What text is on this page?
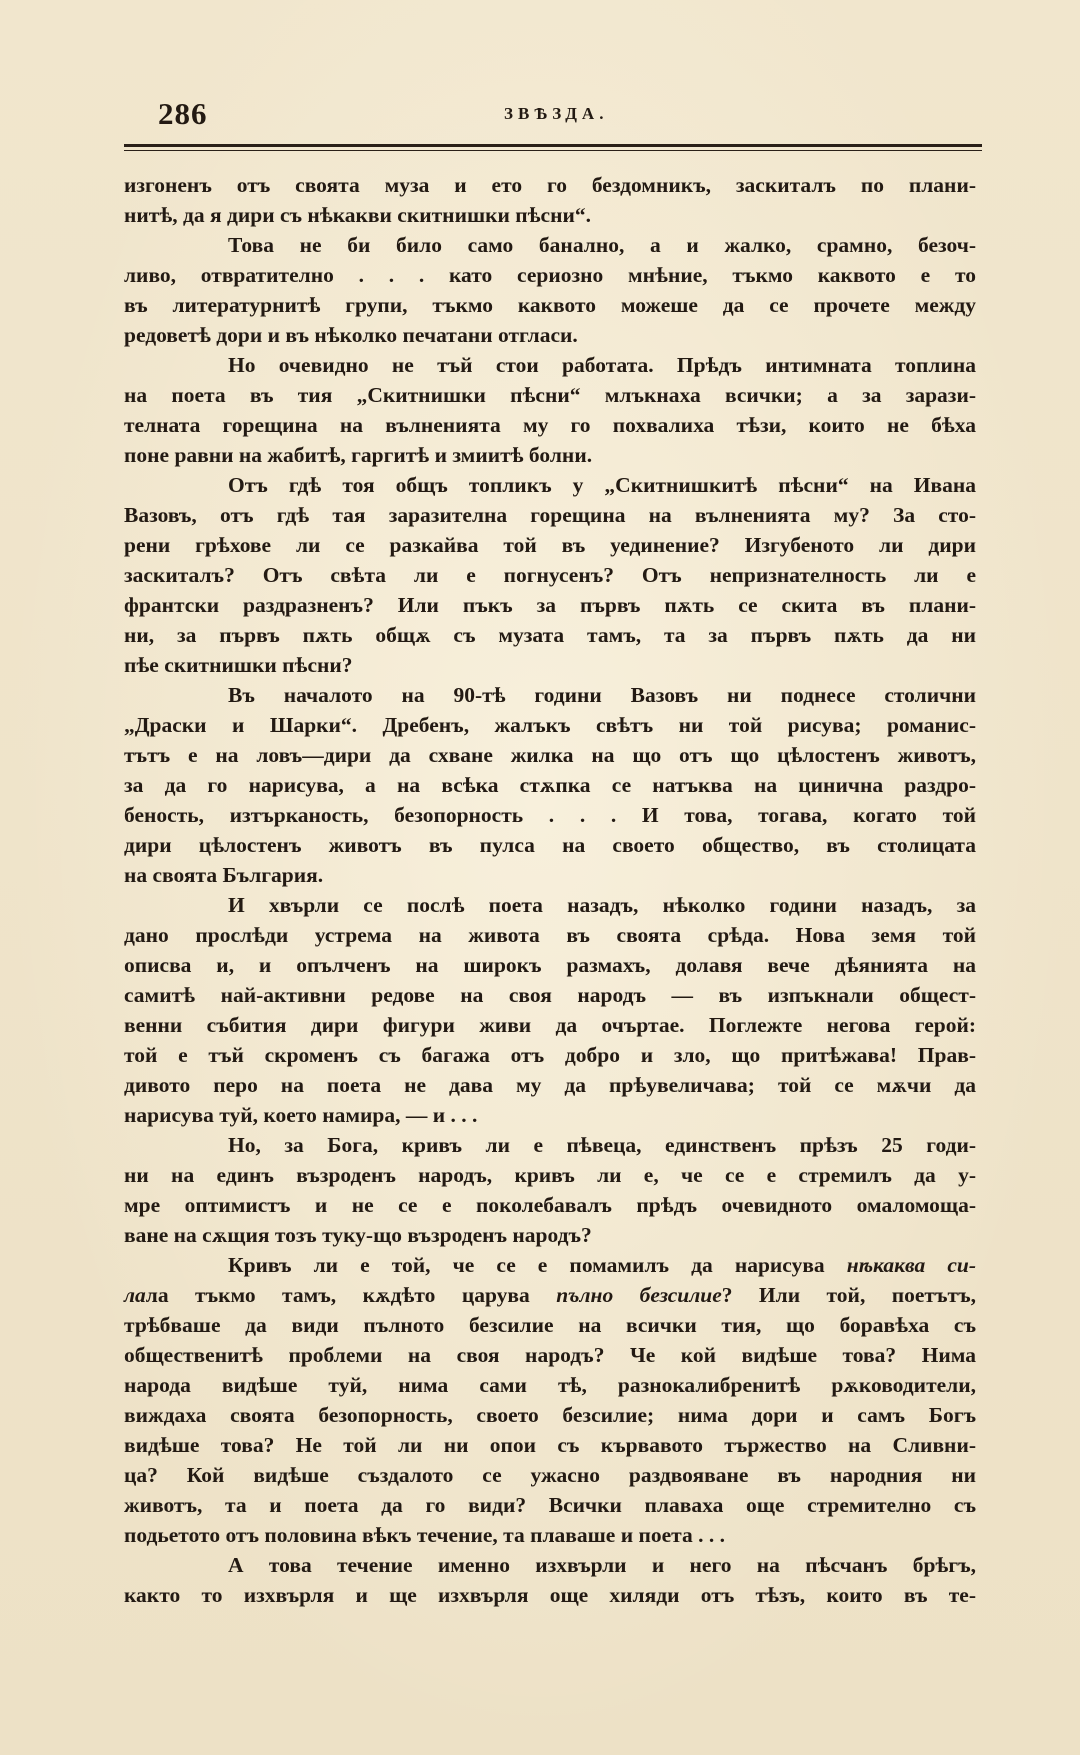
286	ЗВѢЗДА.
изгоненъ отъ своята муза и ето го бездомникъ, заскиталъ по плани-
нитѣ, да я дири съ нѣкакви скитнишки пѣсни“.
Това не би било само банално, а и жалко, срамно, безоч-
ливо, отвратително . . . като сериозно мнѣние, тъкмо каквото е то
въ литературнитѣ групи, тъкмо каквото можеше да се прочете между
редоветѣ дори и въ нѣколко печатани отгласи.
Но очевидно не тъй стои работата. Прѣдъ интимната топлина
на поета въ тия „Скитнишки пѣсни“ млъкнаха всички; а за зарази-
телната горещина на вълненията му го похвалиха тѣзи, които не бѣха
поне равни на жабитѣ, гаргитѣ и змиитѣ болни.
Отъ гдѣ тоя общъ топликъ у „Скитнишкитѣ пѣсни“ на Ивана
Вазовъ, отъ гдѣ тая заразителна горещина на вълненията му? За сто-
рени грѣхове ли се разкайва той въ уединение? Изгубеното ли дири
заскиталъ? Отъ свѣта ли е погнусенъ? Отъ непризнателность ли е
франтски раздразненъ? Или пъкъ за първъ пѫть се скита въ плани-
ни, за първъ пѫть общѫ съ музата тамъ, та за първъ пѫть да ни
пѣе скитнишки пѣсни?
Въ началото на 90-тѣ години Вазовъ ни поднесе столични
„Драски и Шарки“. Дребенъ, жалъкъ свѣтъ ни той рисува; романис-
тътъ е на ловъ—дири да схване жилка на що отъ що цѣлостенъ животъ,
за да го нарисува, а на всѣка стѫпка се натъква на цинична раздро-
беность, изтърканость, безопорность . . . И това, тогава, когато той
дири цѣлостенъ животъ въ пулса на своето общество, въ столицата
на своята България.
И хвърли се послѣ поета назадъ, нѣколко години назадъ, за
дано прослѣди устрема на живота въ своята срѣда. Нова земя той
описва и, и опълченъ на широкъ размахъ, долавя вече дѣянията на
самитѣ най-активни редове на своя народъ — въ изпъкнали общест-
венни събития дири фигури живи да очъртае. Поглежте негова герой:
той е тъй скроменъ съ багажа отъ добро и зло, що притѣжава! Прав-
дивото перо на поета не дава му да прѣувеличава; той се мѫчи да
нарисува туй, което намира, — и . . .
Но, за Бога, кривъ ли е пѣвеца, единственъ прѣзъ 25 годи-
ни на единъ възроденъ народъ, кривъ ли е, че се е стремилъ да у-
мре оптимистъ и не се е поколебавалъ прѣдъ очевидното омаломощa-
ване на сѫщия тозъ туку-що възроденъ народъ?
Кривъ ли е той, че се е помамилъ да нарисува нѣкаква си-
лала тъкмо тамъ, кѫдѣто царува пълно безсилие? Или той, поетътъ,
трѣбваше да види пълното безсилие на всички тия, що боравѣха съ
общественитѣ проблеми на своя народъ? Че кой видѣше това? Нима
народа видѣше туй, нима сами тѣ, разнокалибренитѣ рѫководители,
виждаха своята безопорность, своето безсилие; нима дори и самъ Богъ
видѣше това? Не той ли ни опои съ кървавото тържество на Сливни-
ца? Кой видѣше създалото се ужасно раздвояване въ народния ни
животъ, та и поета да го види? Всички плаваха още стремително съ
подьетото отъ половина вѣкъ течение, та плаваше и поета . . .
А това течение именно изхвърли и него на пѣсчанъ брѣгъ,
както то изхвърля и ще изхвърля още хиляди отъ тѣзъ, които въ те-
